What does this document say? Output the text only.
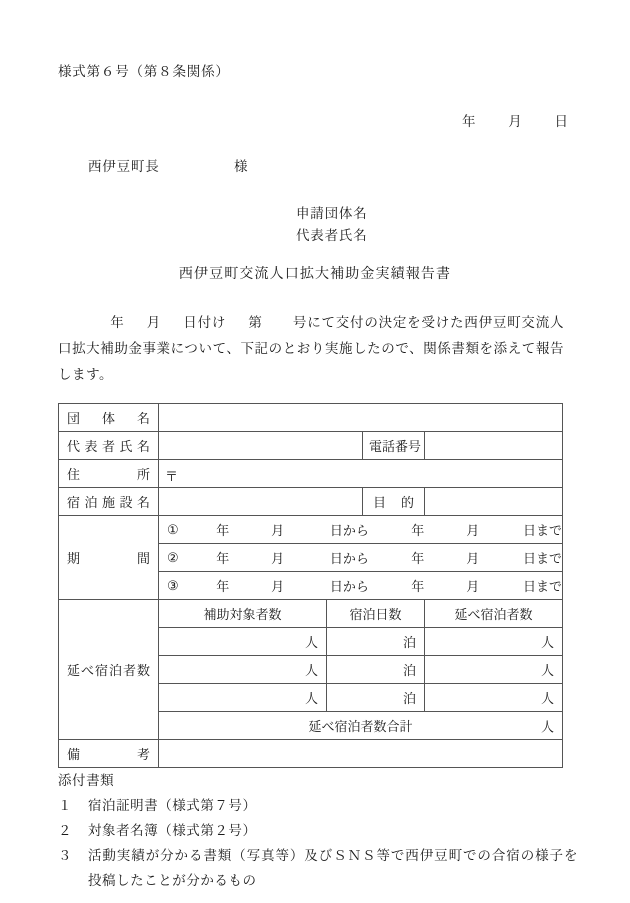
様式第６号（第８条関係）
年 月 日
西伊豆町長	様
申請団体名
代表者氏名
西伊豆町交流人口拡大補助金実績報告書
年 月 日付け 第 号にて交付の決定を受けた西伊豆町交流人口拡大補助金事業について、下記のとおり実施したので、関係書類を添えて報告します。
団体名				
代表者氏名			電話番号	
住所	〒			
宿泊施設名			目的	
期間	
①	年	月	日から	年	月	日まで

②	年	月	日から	年	月	日まで

③	年	月	日から	年	月	日まで

延べ宿泊者数	補助対象者数	宿泊日数		延べ宿泊者数
	人	泊		人
	人	泊		人
	人	泊		人
	延べ宿泊者数合計 人			

備考				
添付書類
１	宿泊証明書（様式第７号）
２	対象者名簿（様式第２号）
３	活動実績が分かる書類（写真等）及びＳＮＳ等で西伊豆町での合宿の様子を投稿したことが分かるもの
